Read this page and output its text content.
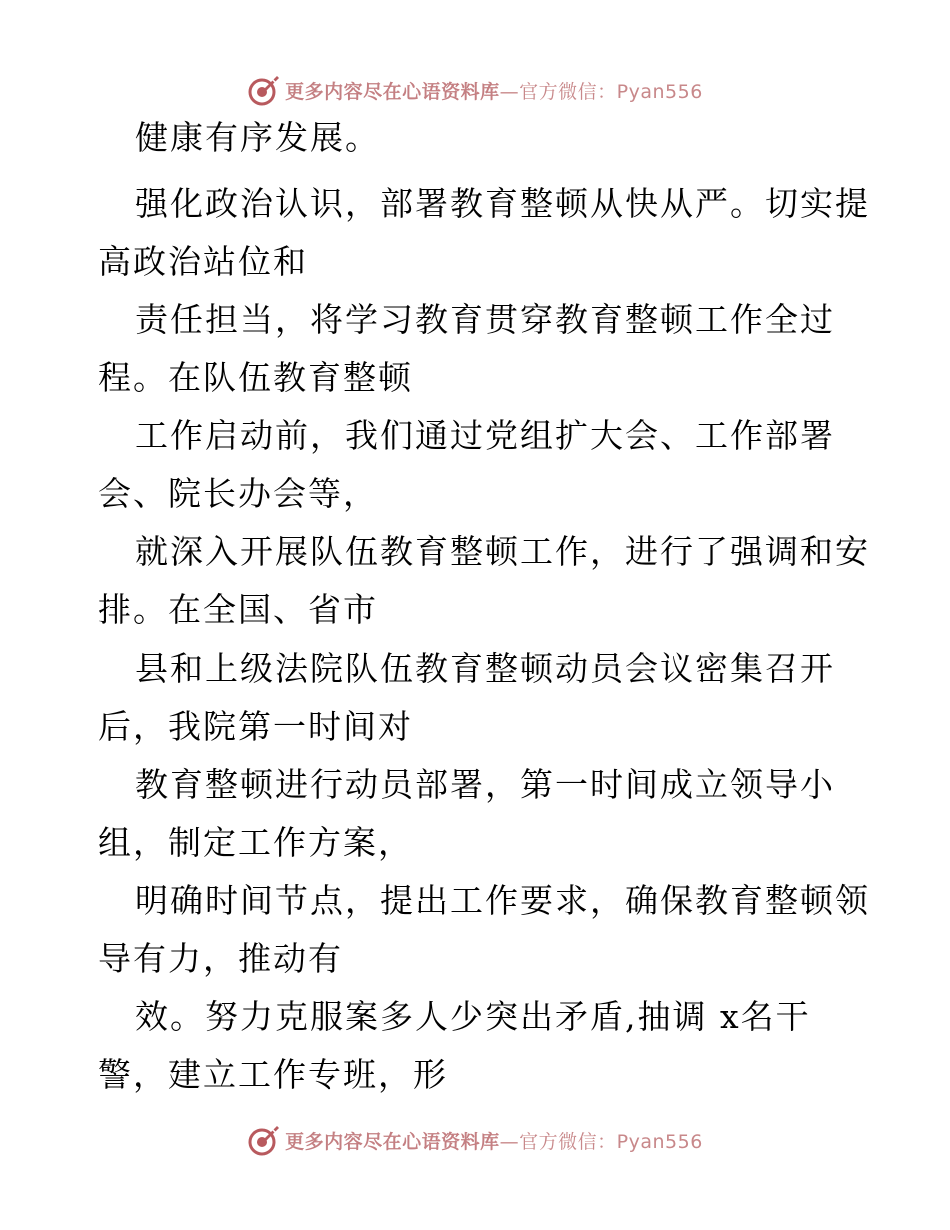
更多内容尽在心语资料库—官方微信：Pyan556
健康有序发展。
强化政治认识，部署教育整顿从快从严。切实提
高政治站位和
责任担当，将学习教育贯穿教育整顿工作全过
程。在队伍教育整顿
工作启动前，我们通过党组扩大会、工作部署
会、院长办会等，
就深入开展队伍教育整顿工作，进行了强调和安
排。在全国、省市
县和上级法院队伍教育整顿动员会议密集召开
后，我院第一时间对
教育整顿进行动员部署，第一时间成立领导小
组，制定工作方案，
明确时间节点，提出工作要求，确保教育整顿领
导有力，推动有
效。努力克服案多人少突出矛盾,抽调 x名干
警，建立工作专班，形
更多内容尽在心语资料库—官方微信：Pyan556
